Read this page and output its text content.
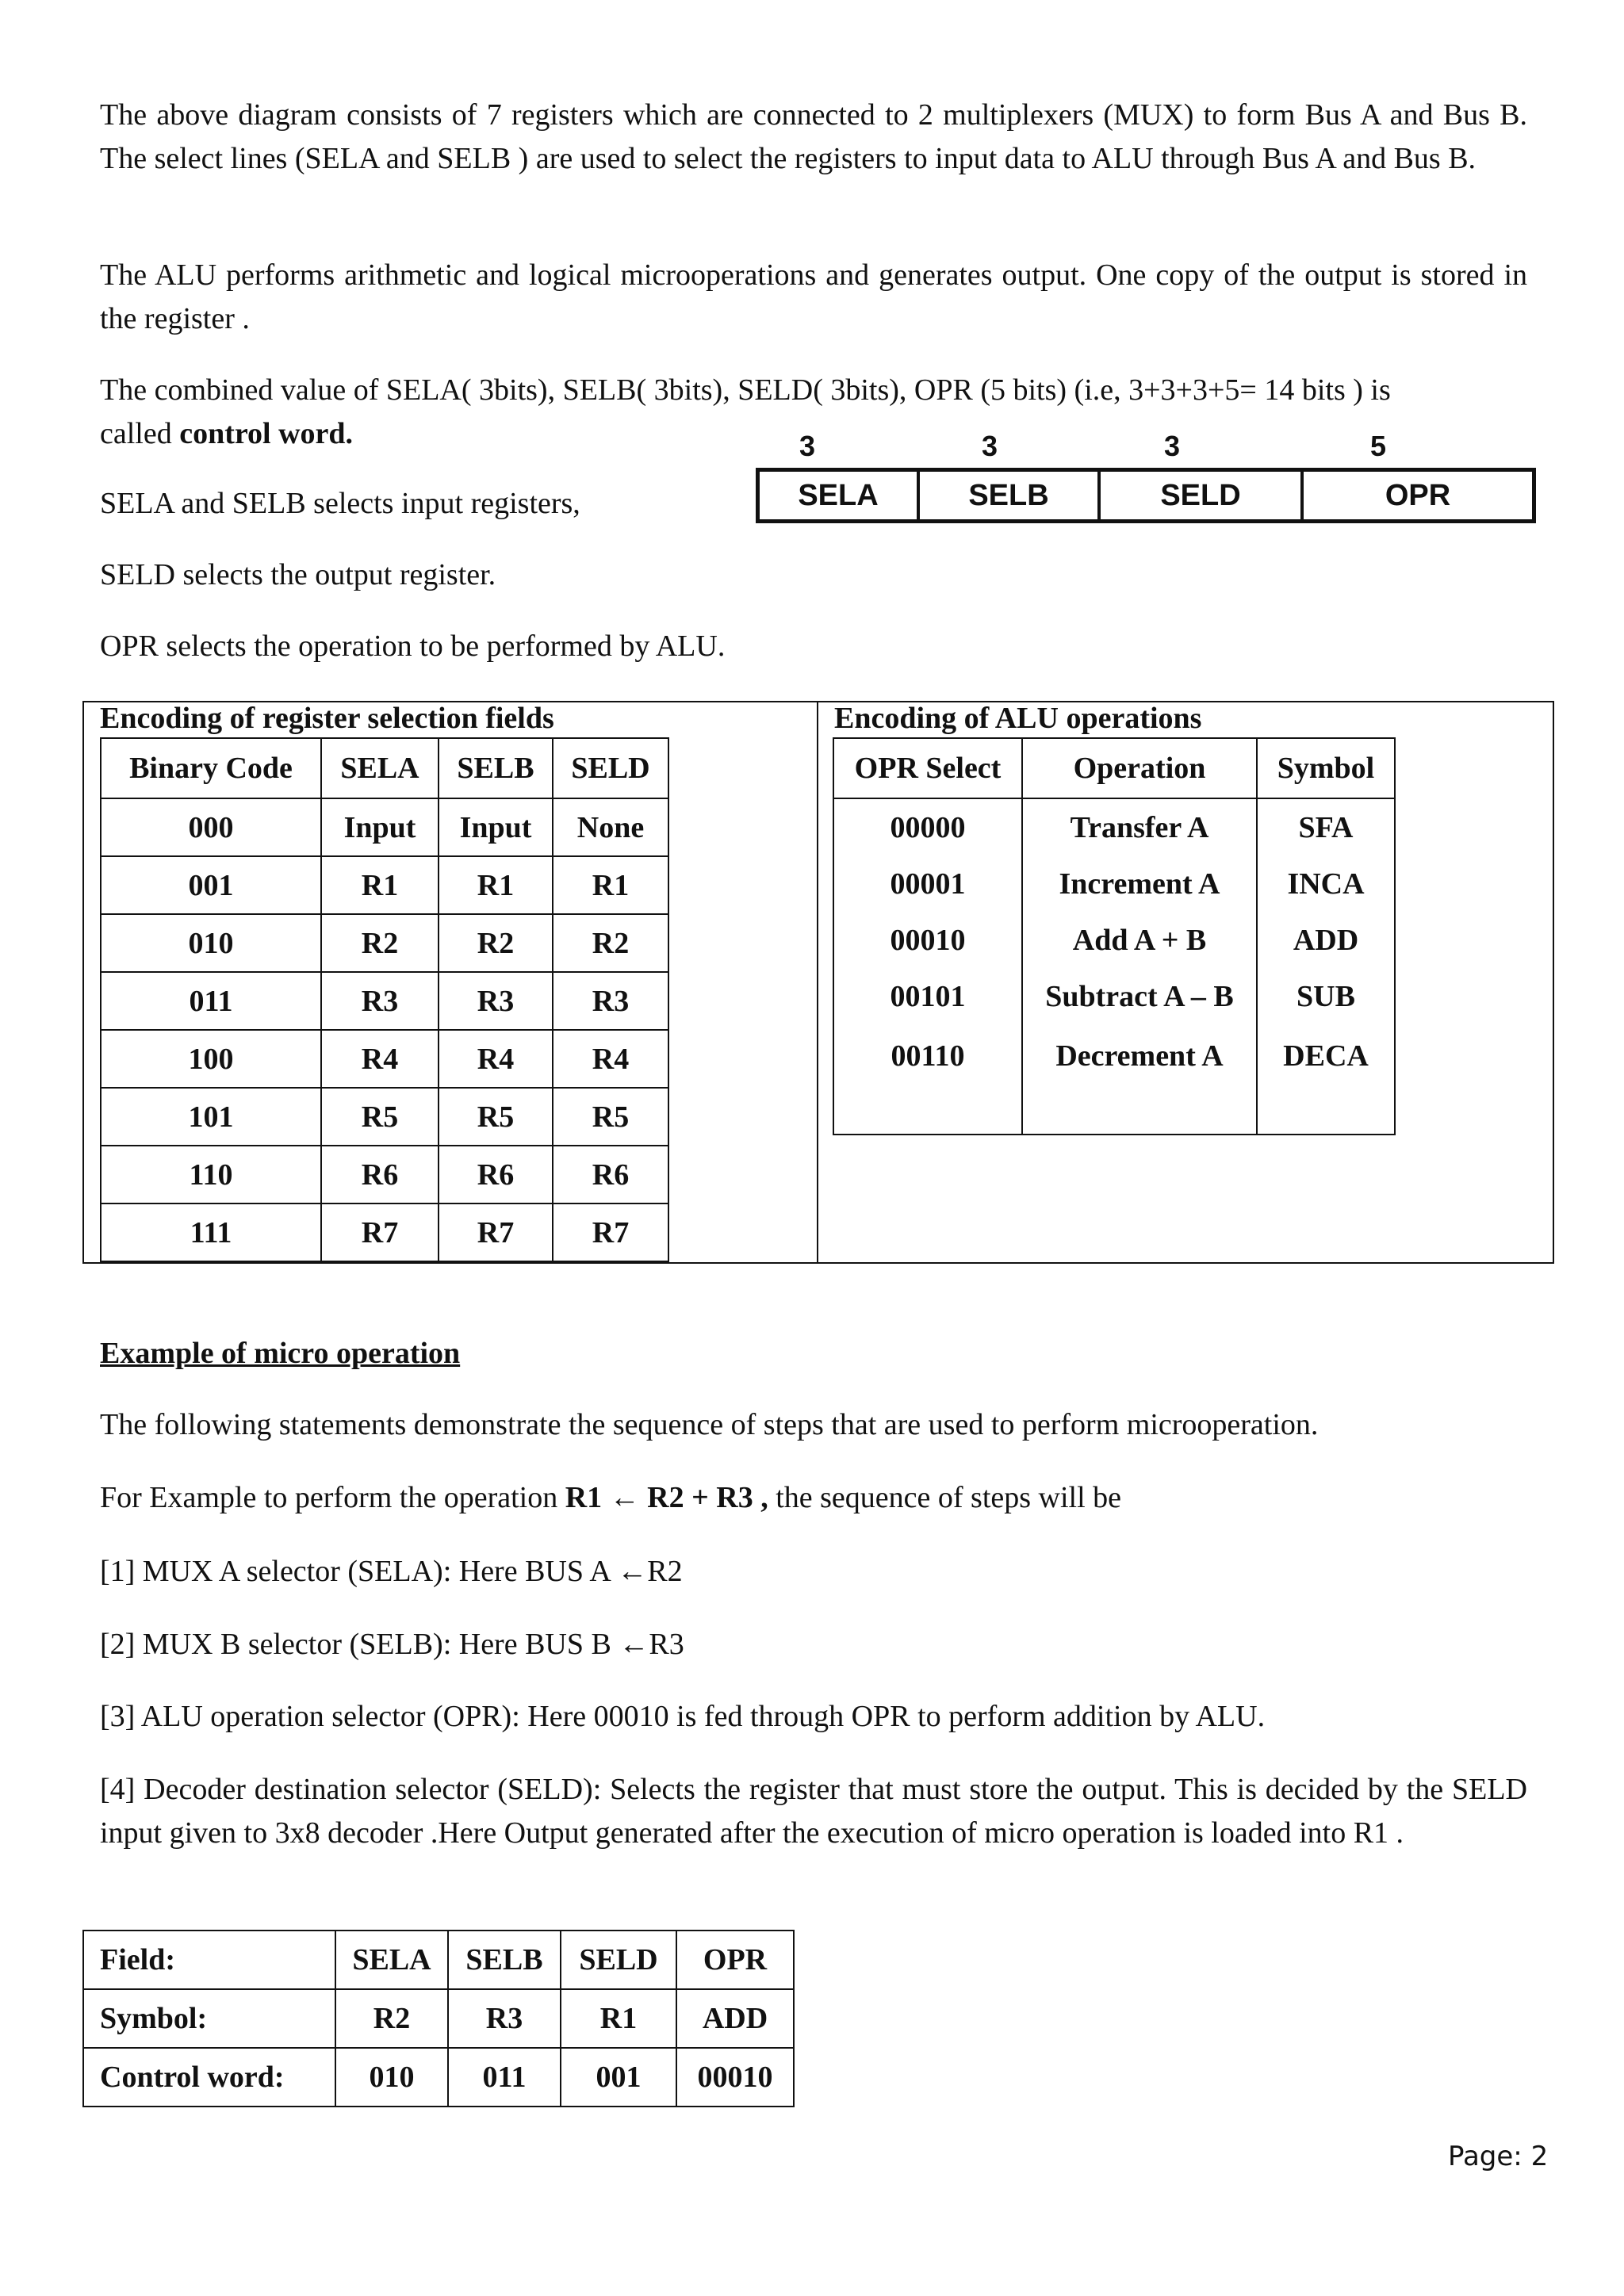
The above diagram consists of 7 registers which are connected to 2 multiplexers (MUX) to form Bus A and Bus B. The select lines (SELA and SELB ) are used to select the registers to input data to ALU through Bus A and Bus B.

The ALU performs arithmetic and logical microoperations and generates output. One copy of the output is stored in the register .

The combined value of SELA( 3bits), SELB( 3bits), SELD( 3bits), OPR (5 bits) (i.e, 3+3+3+5= 14 bits ) is

called control word.

SELA and SELB selects input registers,

SELD selects the output register.

OPR selects the operation to be performed by ALU.

3	3	3	5
SELA	SELB	SELD	OPR
Encoding of register selection fields
Binary Code	SELA	SELB	SELD
000	Input	Input	None
001	R1	R1	R1
010	R2	R2	R2
011	R3	R3	R3
100	R4	R4	R4
101	R5	R5	R5
110	R6	R6	R6
111	R7	R7	R7
Encoding of ALU operations
OPR Select	Operation	Symbol
00000	Transfer A	SFA
00001	Increment A	INCA
00010	Add A + B	ADD
00101	Subtract A – B	SUB
00110	Decrement A	DECA

Example of micro operation

The following statements demonstrate the sequence of steps that are used to perform microoperation.

For Example to perform the operation R1 ← R2 + R3 , the sequence of steps will be

[1] MUX A selector (SELA): Here BUS A ←R2

[2] MUX B selector (SELB): Here BUS B ←R3

[3] ALU operation selector (OPR): Here 00010 is fed through OPR to perform addition by ALU.

[4] Decoder destination selector (SELD): Selects the register that must store the output. This is decided by the SELD input given to 3x8 decoder .Here Output generated after the execution of micro operation is loaded into R1 .

Field:	SELA	SELB	SELD	OPR
Symbol:	R2	R3	R1	ADD
Control word:	010	011	001	00010
Page: 2
